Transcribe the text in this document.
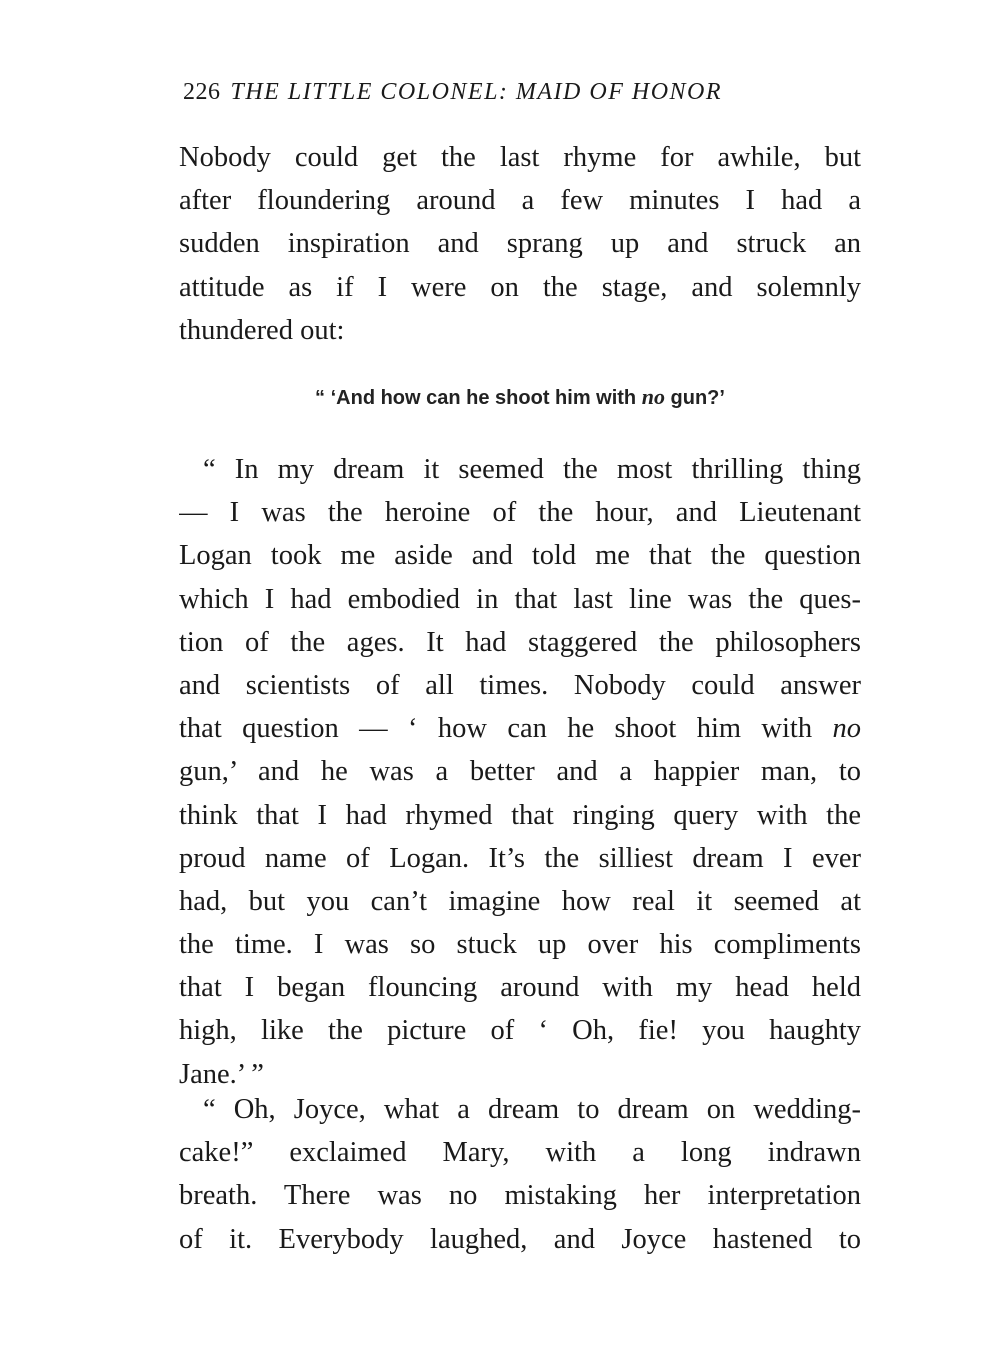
226 THE LITTLE COLONEL: MAID OF HONOR
Nobody could get the last rhyme for awhile, but
after floundering around a few minutes I had a
sudden inspiration and sprang up and struck an
attitude as if I were on the stage, and solemnly
thundered out:
“ ‘And how can he shoot him with no gun?’
“ In my dream it seemed the most thrilling thing
— I was the heroine of the hour, and Lieutenant
Logan took me aside and told me that the question
which I had embodied in that last line was the ques-
tion of the ages. It had staggered the philosophers
and scientists of all times. Nobody could answer
that question — ‘ how can he shoot him with no
gun,’ and he was a better and a happier man, to
think that I had rhymed that ringing query with the
proud name of Logan. It’s the silliest dream I ever
had, but you can’t imagine how real it seemed at
the time. I was so stuck up over his compliments
that I began flouncing around with my head held
high, like the picture of ‘ Oh, fie! you haughty
Jane.’ ”
“ Oh, Joyce, what a dream to dream on wedding-
cake!” exclaimed Mary, with a long indrawn
breath. There was no mistaking her interpretation
of it. Everybody laughed, and Joyce hastened to
